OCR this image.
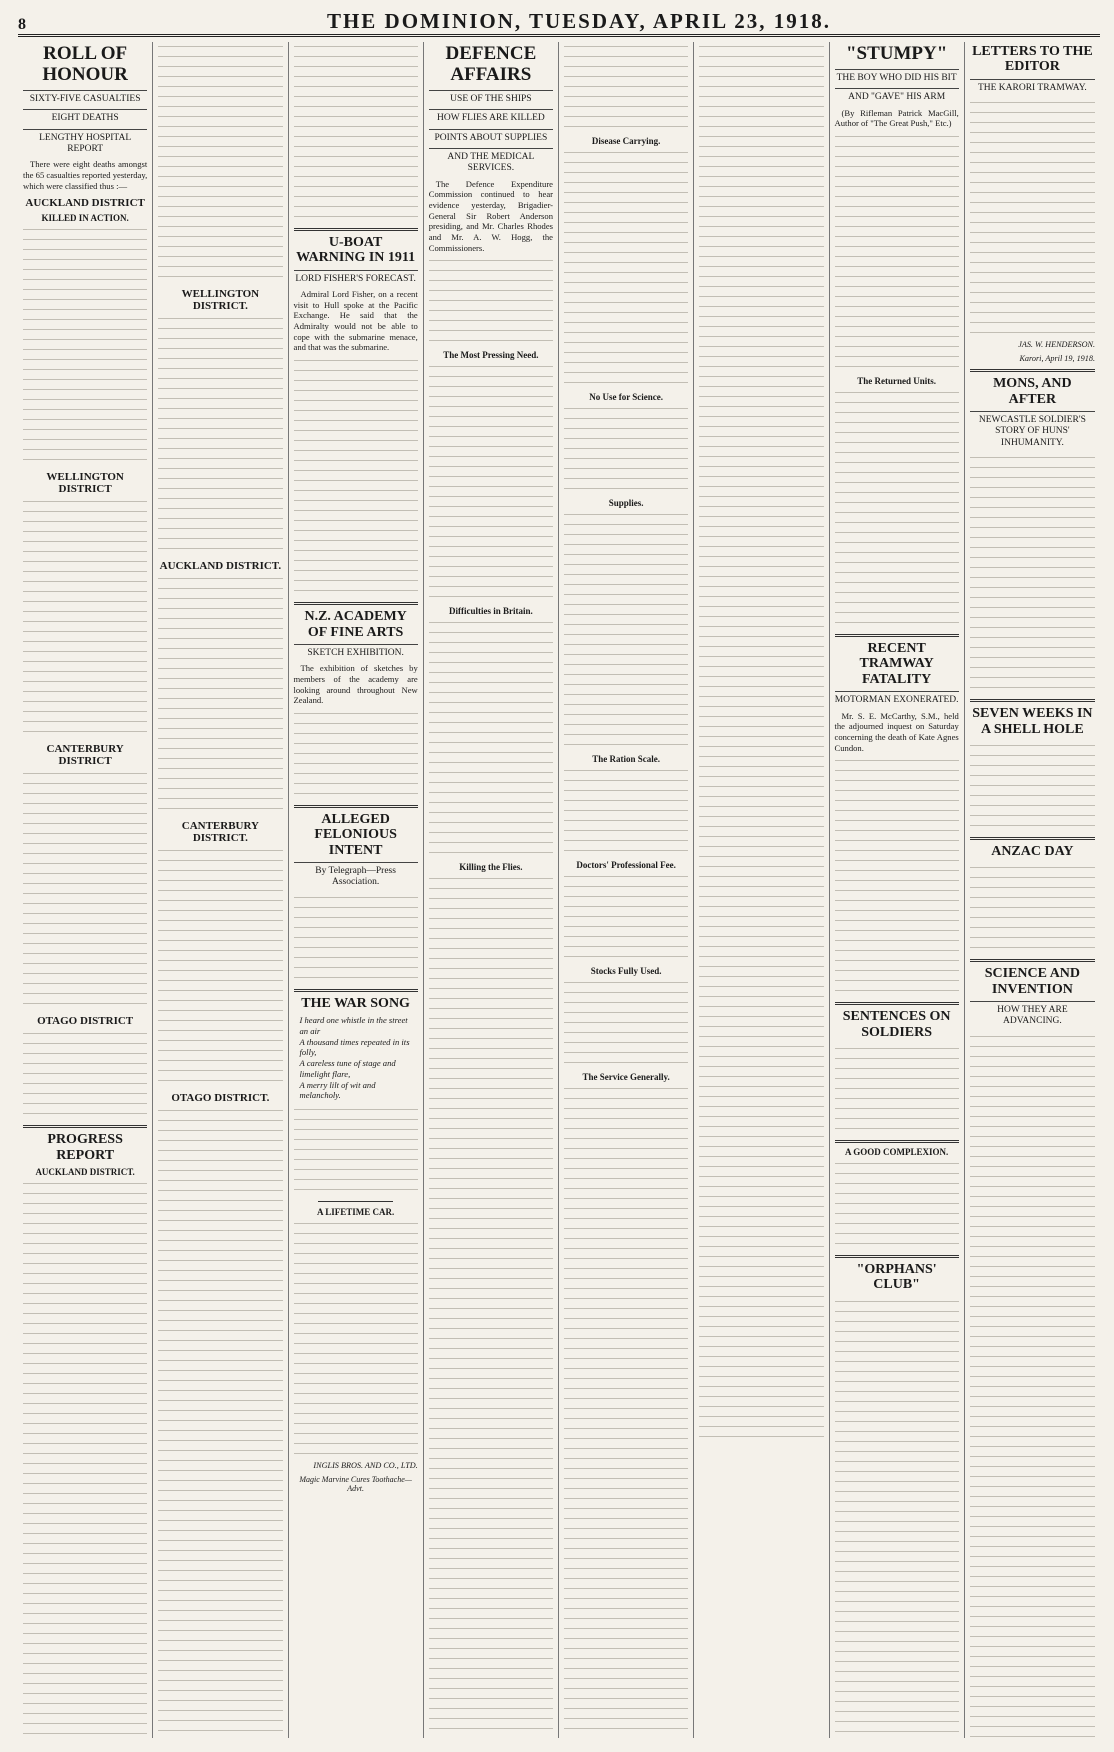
8	THE DOMINION, TUESDAY, APRIL 23, 1918.
ROLL OF HONOUR
SIXTY-FIVE CASUALTIES
EIGHT DEATHS
LENGTHY HOSPITAL REPORT

There were eight deaths amongst the 65 casualties reported yesterday, which were classified thus :—

AUCKLAND DISTRICT
KILLED IN ACTION.
WELLINGTON DISTRICT
CANTERBURY DISTRICT
OTAGO DISTRICT
PROGRESS REPORT
AUCKLAND DISTRICT.
WELLINGTON DISTRICT.
AUCKLAND DISTRICT.
CANTERBURY DISTRICT.
OTAGO DISTRICT.
U-BOAT WARNING IN 1911
LORD FISHER'S FORECAST.

Admiral Lord Fisher, on a recent visit to Hull spoke at the Pacific Exchange. He said that the Admiralty would not be able to cope with the submarine menace, and that was the submarine.

N.Z. ACADEMY OF FINE ARTS
SKETCH EXHIBITION.

The exhibition of sketches by members of the academy are looking around throughout New Zealand.

ALLEGED FELONIOUS INTENT
By Telegraph—Press Association.
THE WAR SONG
I heard one whistle in the street an air
A thousand times repeated in its folly,
A careless tune of stage and limelight flare,
A merry lilt of wit and melancholy.
A LIFETIME CAR.
INGLIS BROS. AND CO., LTD.
Magic Marvine Cures Toothache—Advt.
DEFENCE AFFAIRS
USE OF THE SHIPS
HOW FLIES ARE KILLED
POINTS ABOUT SUPPLIES
AND THE MEDICAL SERVICES.

The Defence Expenditure Commission continued to hear evidence yesterday, Brigadier-General Sir Robert Anderson presiding, and Mr. Charles Rhodes and Mr. A. W. Hogg, the Commissioners.

The Most Pressing Need.
Difficulties in Britain.
Killing the Flies.
Disease Carrying.
No Use for Science.
Supplies.
The Ration Scale.
Doctors' Professional Fee.
Stocks Fully Used.
The Service Generally.
"STUMPY"
THE BOY WHO DID HIS BIT
AND "GAVE" HIS ARM

(By Rifleman Patrick MacGill, Author of "The Great Push," Etc.)

The Returned Units.
RECENT TRAMWAY FATALITY
MOTORMAN EXONERATED.

Mr. S. E. McCarthy, S.M., held the adjourned inquest on Saturday concerning the death of Kate Agnes Cundon.

SENTENCES ON SOLDIERS
A GOOD COMPLEXION.
"ORPHANS' CLUB"
LETTERS TO THE EDITOR
THE KARORI TRAMWAY.
JAS. W. HENDERSON.
Karori, April 19, 1918.
MONS, AND AFTER
NEWCASTLE SOLDIER'S STORY OF HUNS' INHUMANITY.
SEVEN WEEKS IN A SHELL HOLE
ANZAC DAY
SCIENCE AND INVENTION
HOW THEY ARE ADVANCING.
